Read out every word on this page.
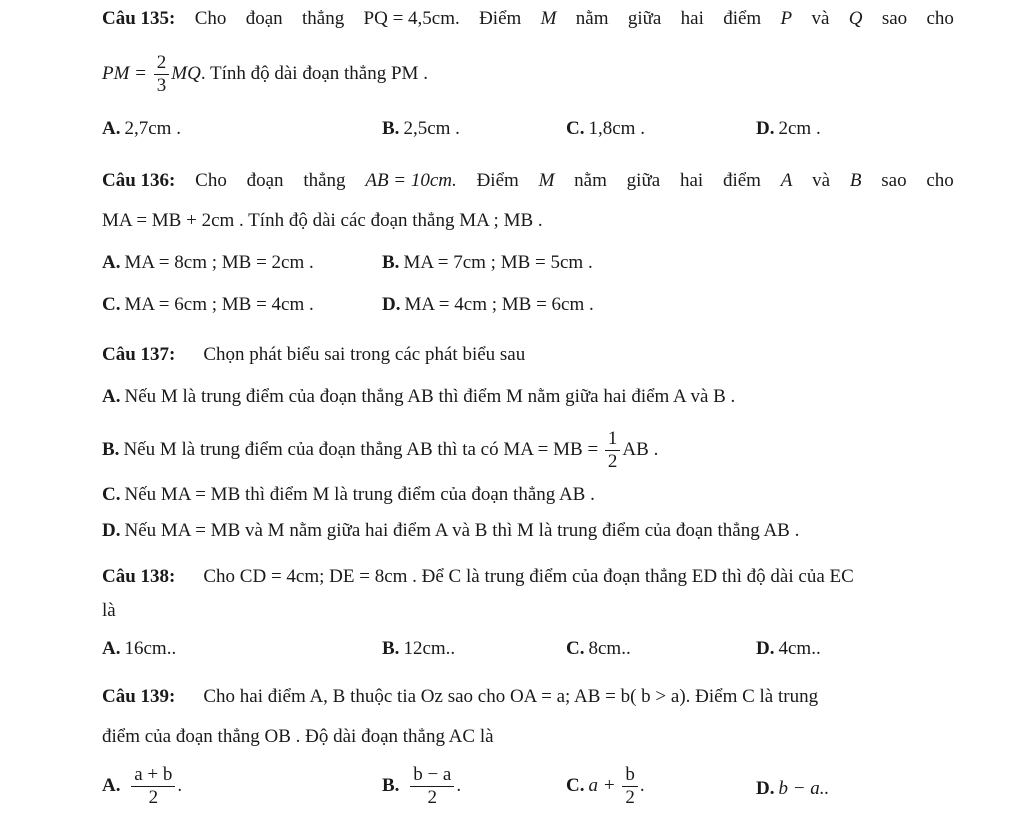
Câu 135: Cho đoạn thẳng PQ = 4,5cm. Điểm M nằm giữa hai điểm P và Q sao cho
PM = $\frac{2}{3}$ MQ. Tính độ dài đoạn thẳng PM .
A. 2,7cm .	B. 2,5cm .	C. 1,8cm .	D. 2cm .
Câu 136: Cho đoạn thẳng AB = 10cm. Điểm M nằm giữa hai điểm A và B sao cho
MA = MB + 2cm . Tính độ dài các đoạn thẳng MA ; MB .
A. MA = 8cm ; MB = 2cm .	B. MA = 7cm ; MB = 5cm .
C. MA = 6cm ; MB = 4cm .	D. MA = 4cm ; MB = 6cm .
Câu 137: Chọn phát biểu sai trong các phát biểu sau
A. Nếu M là trung điểm của đoạn thẳng AB thì điểm M nằm giữa hai điểm A và B .
B. Nếu M là trung điểm của đoạn thẳng AB thì ta có MA = MB = $\frac{1}{2}$ AB .
C. Nếu MA = MB thì điểm M là trung điểm của đoạn thẳng AB .
D. Nếu MA = MB và M nằm giữa hai điểm A và B thì M là trung điểm của đoạn thẳng AB .
Câu 138: Cho CD = 4cm; DE = 8cm . Để C là trung điểm của đoạn thẳng ED thì độ dài của EC
là
A. 16cm..	B. 12cm..	C. 8cm..	D. 4cm..
Câu 139: Cho hai điểm A, B thuộc tia Oz sao cho OA = a; AB = b( b > a). Điểm C là trung
điểm của đoạn thẳng OB . Độ dài đoạn thẳng AC là
A. $\frac{a + b}{2}$ .	B. $\frac{b - a}{2}$ .	C. $a + \frac{b}{2}$ .	D. b − a..
